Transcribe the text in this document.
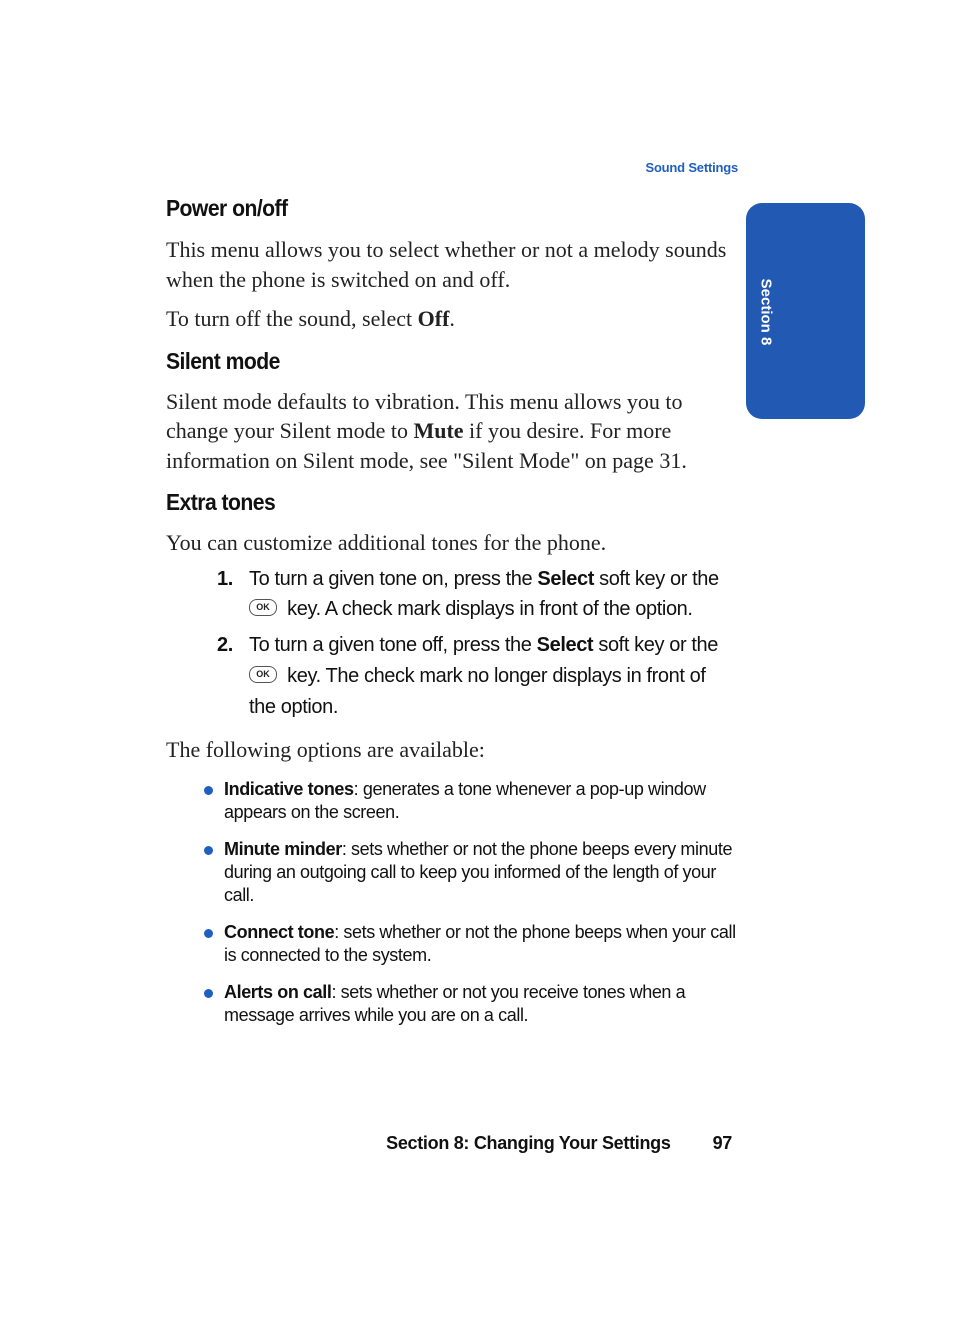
Sound Settings
Section 8
Power on/off

This menu allows you to select whether or not a melody sounds when the phone is switched on and off.

To turn off the sound, select Off.

Silent mode

Silent mode defaults to vibration. This menu allows you to change your Silent mode to Mute if you desire. For more information on Silent mode, see "Silent Mode" on page 31.

Extra tones

You can customize additional tones for the phone.

1. To turn a given tone on, press the Select soft key or the
OK key. A check mark displays in front of the option.
2. To turn a given tone off, press the Select soft key or the
OK key. The check mark no longer displays in front of the option.

The following options are available:

Indicative tones: generates a tone whenever a pop-up window appears on the screen.
Minute minder: sets whether or not the phone beeps every minute during an outgoing call to keep you informed of the length of your call.
Connect tone: sets whether or not the phone beeps when your call is connected to the system.
Alerts on call: sets whether or not you receive tones when a message arrives while you are on a call.
Section 8: Changing Your Settings 97
